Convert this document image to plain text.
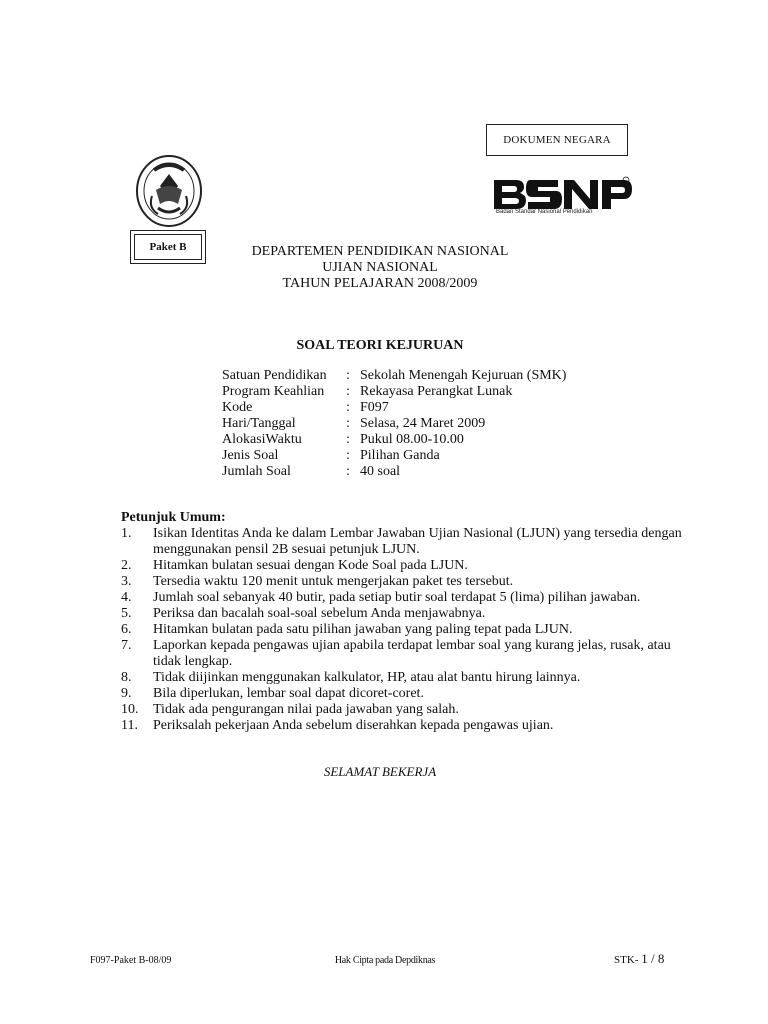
DOKUMEN NEGARA
Badan Standar Nasional Pendidikan
Paket B	DEPARTEMEN PENDIDIKAN NASIONAL
UJIAN NASIONAL
TAHUN PELAJARAN 2008/2009
SOAL TEORI KEJURUAN
Satuan Pendidikan	: Sekolah Menengah Kejuruan (SMK)
Program Keahlian	: Rekayasa Perangkat Lunak
Kode	: F097
Hari/Tanggal	: Selasa, 24 Maret 2009
AlokasiWaktu	: Pukul 08.00-10.00
Jenis Soal	: Pilihan Ganda
Jumlah Soal	: 40 soal
Petunjuk Umum:
1.	Isikan Identitas Anda ke dalam Lembar Jawaban Ujian Nasional (LJUN) yang tersedia dengan menggunakan pensil 2B sesuai petunjuk LJUN.
2.	Hitamkan bulatan sesuai dengan Kode Soal pada LJUN.
3.	Tersedia waktu 120 menit untuk mengerjakan paket tes tersebut.
4.	Jumlah soal sebanyak 40 butir, pada setiap butir soal terdapat 5 (lima) pilihan jawaban.
5.	Periksa dan bacalah soal-soal sebelum Anda menjawabnya.
6.	Hitamkan bulatan pada satu pilihan jawaban yang paling tepat pada LJUN.
7.	Laporkan kepada pengawas ujian apabila terdapat lembar soal yang kurang jelas, rusak, atau tidak lengkap.
8.	Tidak diijinkan menggunakan kalkulator, HP, atau alat bantu hirung lainnya.
9.	Bila diperlukan, lembar soal dapat dicoret-coret.
10.	Tidak ada pengurangan nilai pada jawaban yang salah.
11.	Periksalah pekerjaan Anda sebelum diserahkan kepada pengawas ujian.
SELAMAT BEKERJA
F097-Paket B-08/09	Hak Cipta pada Depdiknas	STK- 1 / 8
